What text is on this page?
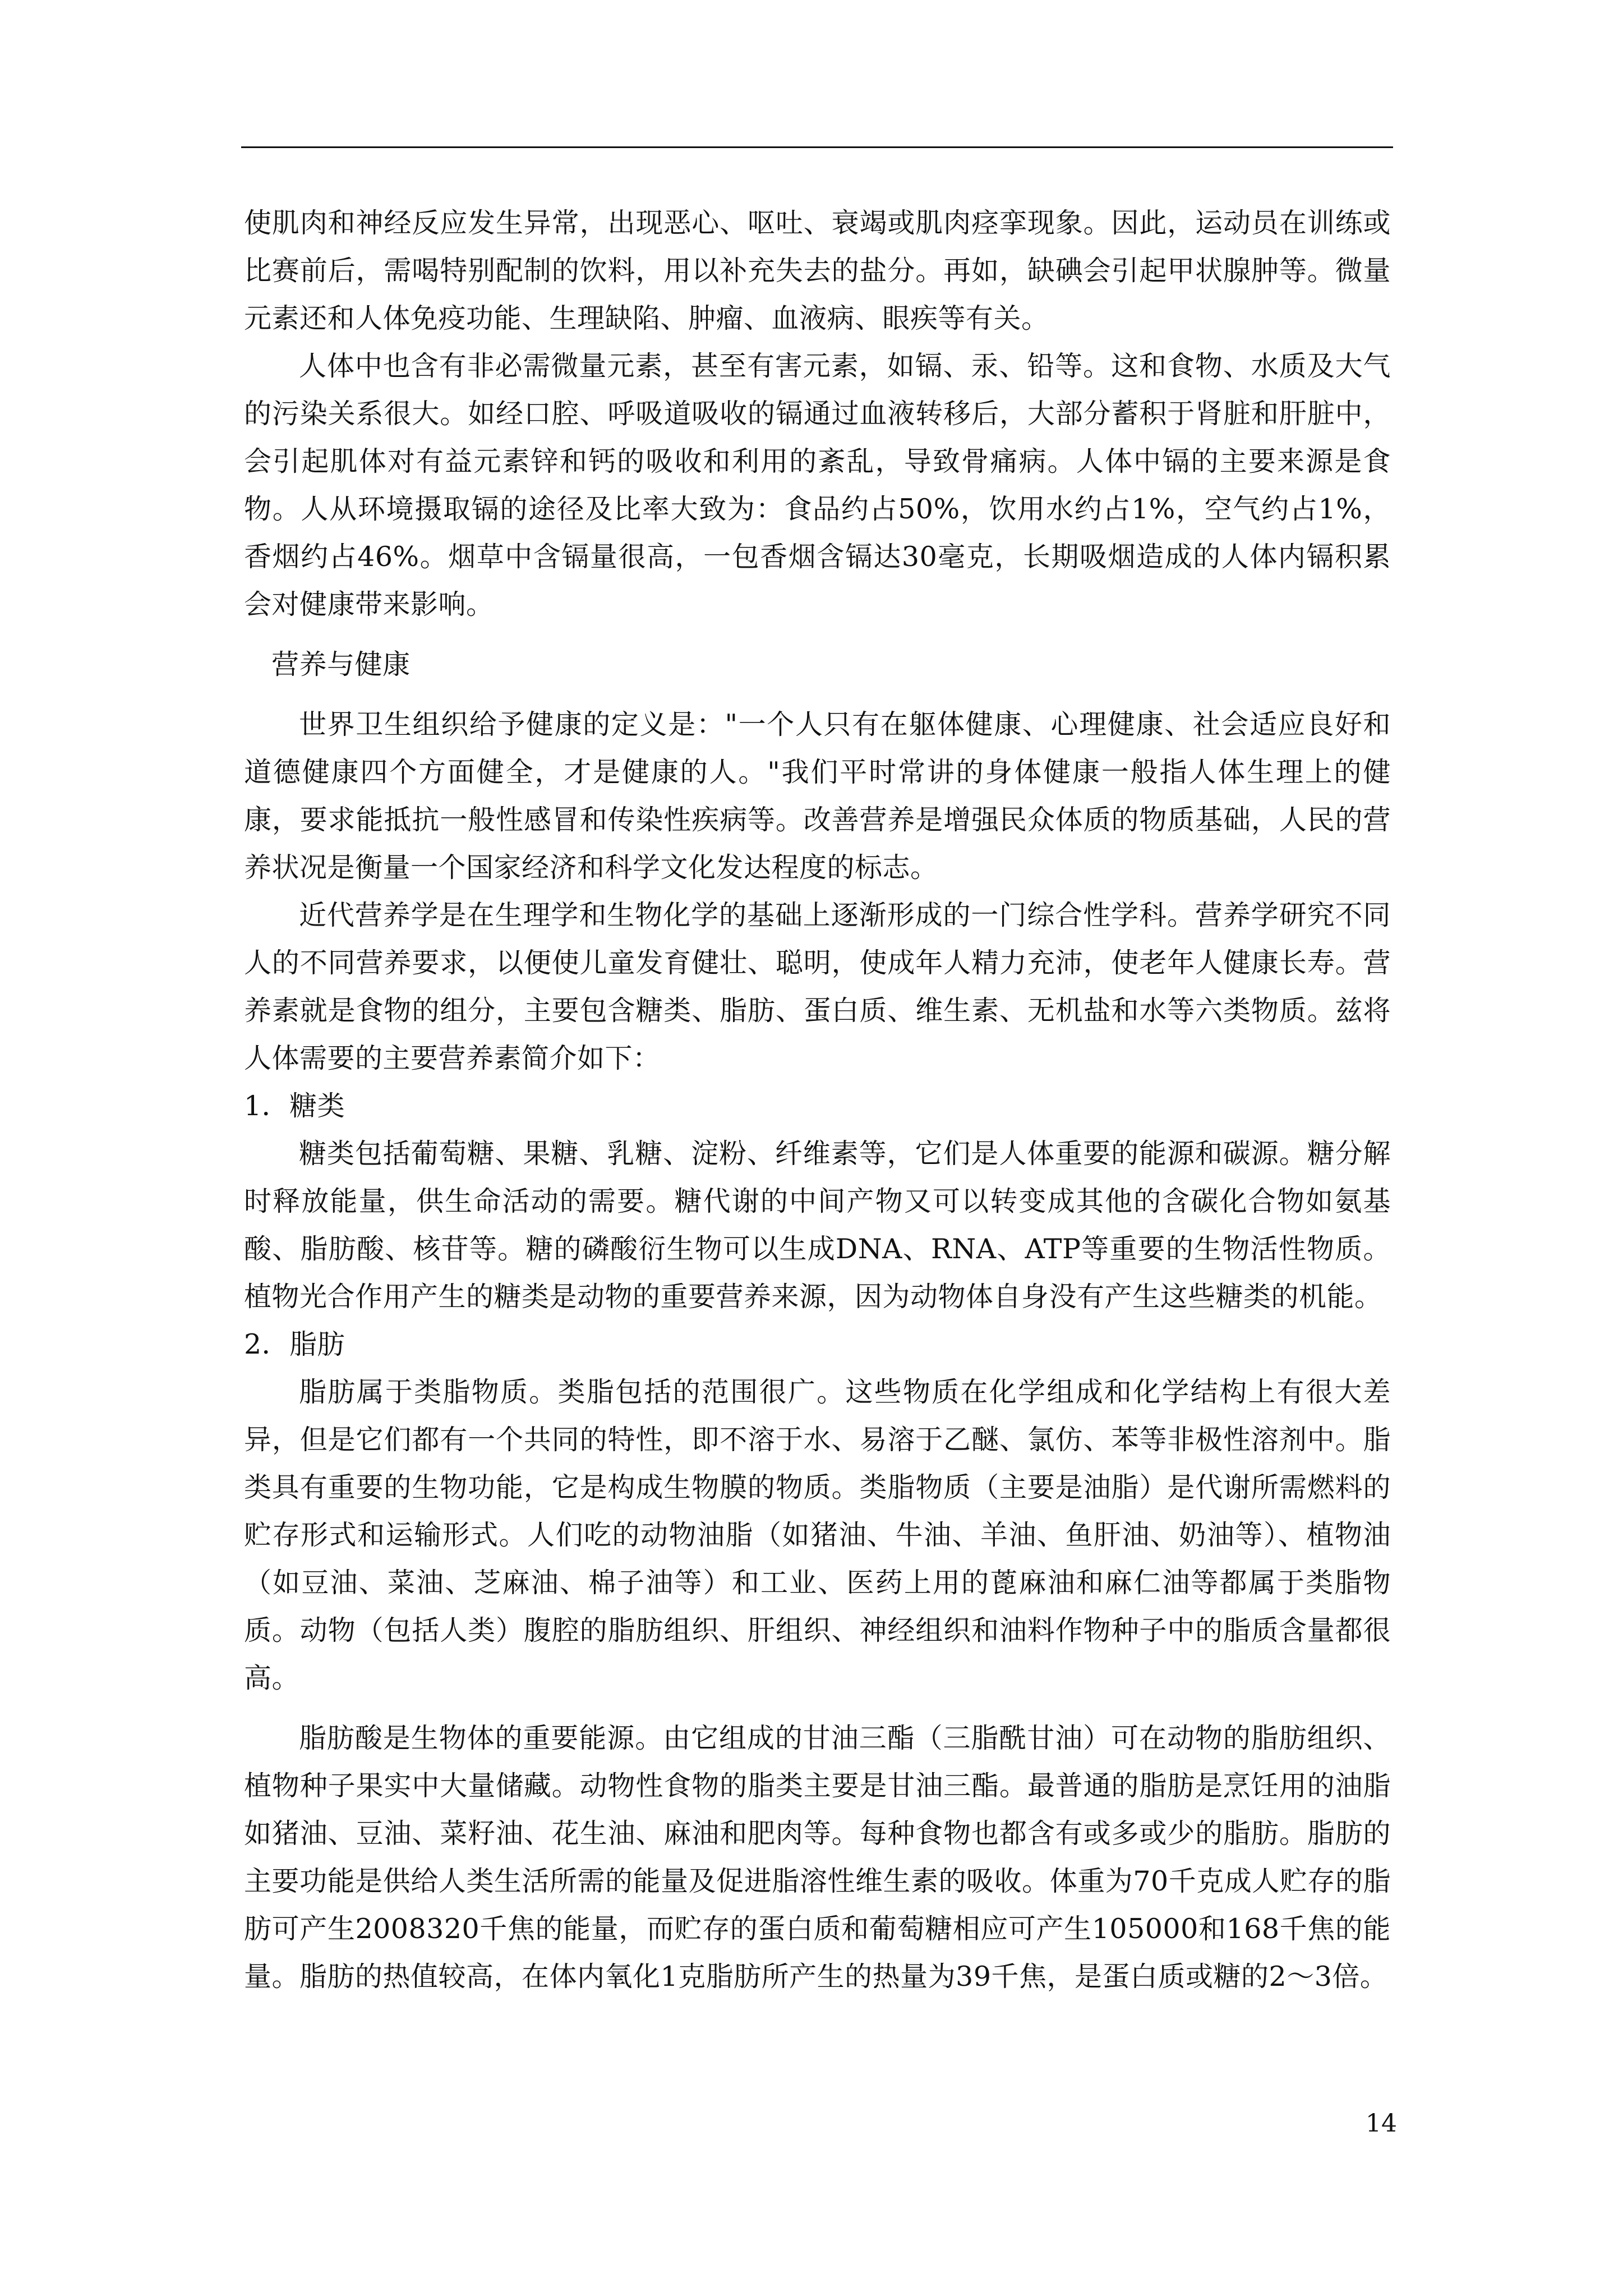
使肌肉和神经反应发生异常，出现恶心、呕吐、衰竭或肌肉痉挛现象。因此，运动员在训练或比赛前后，需喝特别配制的饮料，用以补充失去的盐分。再如，缺碘会引起甲状腺肿等。微量元素还和人体免疫功能、生理缺陷、肿瘤、血液病、眼疾等有关。

人体中也含有非必需微量元素，甚至有害元素，如镉、汞、铅等。这和食物、水质及大气的污染关系很大。如经口腔、呼吸道吸收的镉通过血液转移后，大部分蓄积于肾脏和肝脏中，会引起肌体对有益元素锌和钙的吸收和利用的紊乱，导致骨痛病。人体中镉的主要来源是食物。人从环境摄取镉的途径及比率大致为：食品约占50%，饮用水约占1%，空气约占1%，香烟约占46%。烟草中含镉量很高，一包香烟含镉达30毫克，长期吸烟造成的人体内镉积累会对健康带来影响。

营养与健康

世界卫生组织给予健康的定义是："一个人只有在躯体健康、心理健康、社会适应良好和道德健康四个方面健全，才是健康的人。"我们平时常讲的身体健康一般指人体生理上的健康，要求能抵抗一般性感冒和传染性疾病等。改善营养是增强民众体质的物质基础，人民的营养状况是衡量一个国家经济和科学文化发达程度的标志。

近代营养学是在生理学和生物化学的基础上逐渐形成的一门综合性学科。营养学研究不同人的不同营养要求，以便使儿童发育健壮、聪明，使成年人精力充沛，使老年人健康长寿。营养素就是食物的组分，主要包含糖类、脂肪、蛋白质、维生素、无机盐和水等六类物质。兹将人体需要的主要营养素简介如下：

1．糖类

糖类包括葡萄糖、果糖、乳糖、淀粉、纤维素等，它们是人体重要的能源和碳源。糖分解时释放能量，供生命活动的需要。糖代谢的中间产物又可以转变成其他的含碳化合物如氨基酸、脂肪酸、核苷等。糖的磷酸衍生物可以生成DNA、RNA、ATP等重要的生物活性物质。植物光合作用产生的糖类是动物的重要营养来源，因为动物体自身没有产生这些糖类的机能。

2．脂肪

脂肪属于类脂物质。类脂包括的范围很广。这些物质在化学组成和化学结构上有很大差异，但是它们都有一个共同的特性，即不溶于水、易溶于乙醚、氯仿、苯等非极性溶剂中。脂类具有重要的生物功能，它是构成生物膜的物质。类脂物质（主要是油脂）是代谢所需燃料的贮存形式和运输形式。人们吃的动物油脂（如猪油、牛油、羊油、鱼肝油、奶油等）、植物油（如豆油、菜油、芝麻油、棉子油等）和工业、医药上用的蓖麻油和麻仁油等都属于类脂物质。动物（包括人类）腹腔的脂肪组织、肝组织、神经组织和油料作物种子中的脂质含量都很高。

脂肪酸是生物体的重要能源。由它组成的甘油三酯（三脂酰甘油）可在动物的脂肪组织、植物种子果实中大量储藏。动物性食物的脂类主要是甘油三酯。最普通的脂肪是烹饪用的油脂如猪油、豆油、菜籽油、花生油、麻油和肥肉等。每种食物也都含有或多或少的脂肪。脂肪的主要功能是供给人类生活所需的能量及促进脂溶性维生素的吸收。体重为70千克成人贮存的脂肪可产生2008320千焦的能量，而贮存的蛋白质和葡萄糖相应可产生105000和168千焦的能量。脂肪的热值较高，在体内氧化1克脂肪所产生的热量为39千焦，是蛋白质或糖的2～3倍。

14
